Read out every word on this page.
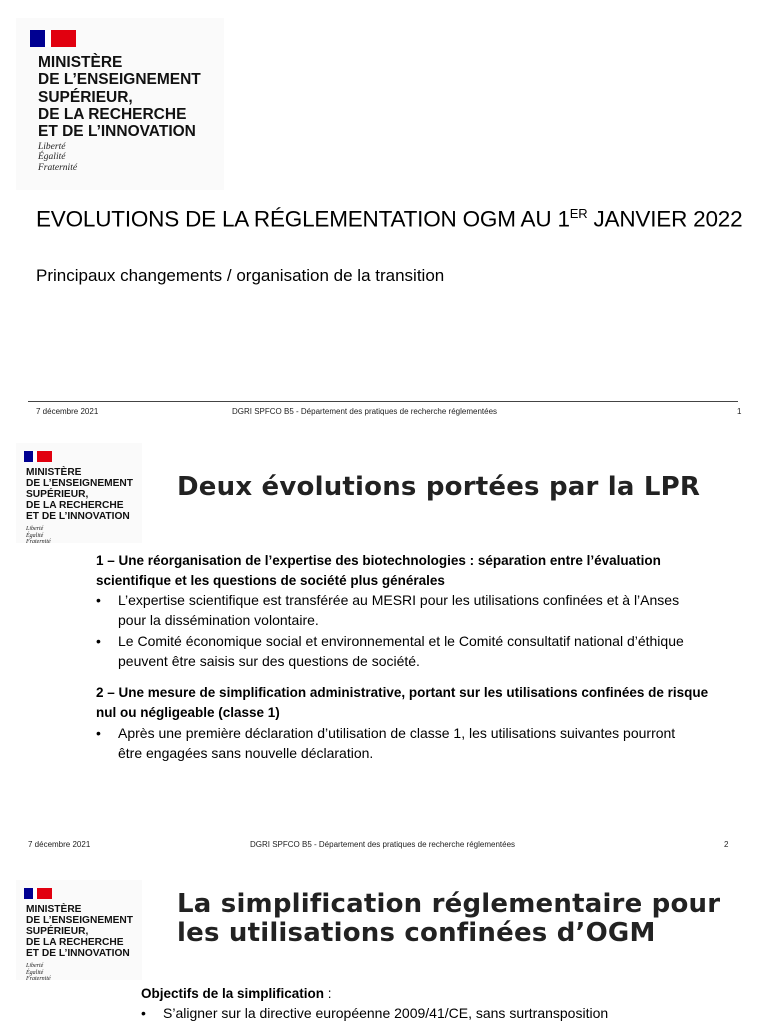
MINISTÈRE
DE L’ENSEIGNEMENT
SUPÉRIEUR,
DE LA RECHERCHE
ET DE L’INNOVATION
Liberté
Égalité
Fraternité
EVOLUTIONS DE LA RÉGLEMENTATION OGM AU 1ER JANVIER 2022
Principaux changements / organisation de la transition
7 décembre 2021	DGRI SPFCO B5 - Département des pratiques de recherche réglementées	1
MINISTÈRE
DE L’ENSEIGNEMENT
SUPÉRIEUR,
DE LA RECHERCHE
ET DE L’INNOVATION
Liberté
Égalité
Fraternité
Deux évolutions portées par la LPR
1 – Une réorganisation de l’expertise des biotechnologies : séparation entre l’évaluation scientifique et les questions de société plus générales
• L’expertise scientifique est transférée au MESRI pour les utilisations confinées et à l’Anses pour la dissémination volontaire.
• Le Comité économique social et environnemental et le Comité consultatif national d’éthique peuvent être saisis sur des questions de société.
2 – Une mesure de simplification administrative, portant sur les utilisations confinées de risque nul ou négligeable (classe 1)
• Après une première déclaration d’utilisation de classe 1, les utilisations suivantes pourront être engagées sans nouvelle déclaration.
7 décembre 2021	DGRI SPFCO B5 - Département des pratiques de recherche réglementées	2
MINISTÈRE
DE L’ENSEIGNEMENT
SUPÉRIEUR,
DE LA RECHERCHE
ET DE L’INNOVATION
Liberté
Égalité
Fraternité
La simplification réglementaire pour les utilisations confinées d’OGM
Objectifs de la simplification :
• S’aligner sur la directive européenne 2009/41/CE, sans surtransposition
